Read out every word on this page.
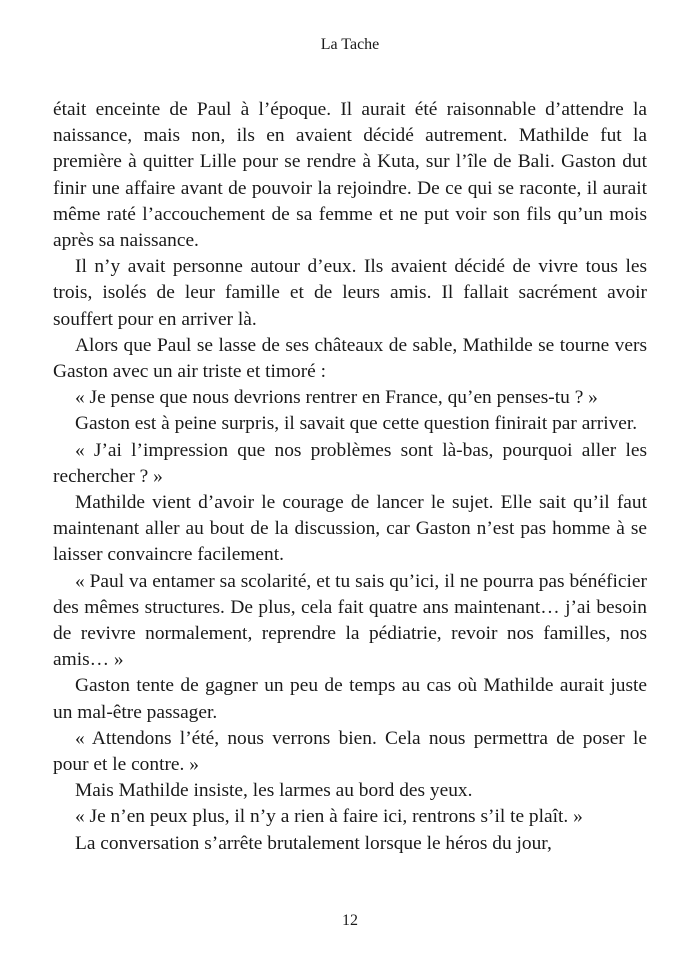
La Tache

était enceinte de Paul à l’époque. Il aurait été raisonnable d’attendre la naissance, mais non, ils en avaient décidé autrement. Mathilde fut la première à quitter Lille pour se rendre à Kuta, sur l’île de Bali. Gaston dut finir une affaire avant de pouvoir la rejoindre. De ce qui se raconte, il aurait même raté l’accouchement de sa femme et ne put voir son fils qu’un mois après sa naissance.

Il n’y avait personne autour d’eux. Ils avaient décidé de vivre tous les trois, isolés de leur famille et de leurs amis. Il fallait sacrément avoir souffert pour en arriver là.

Alors que Paul se lasse de ses châteaux de sable, Mathilde se tourne vers Gaston avec un air triste et timoré :

« Je pense que nous devrions rentrer en France, qu’en penses-tu ? »

Gaston est à peine surpris, il savait que cette question finirait par arriver.

« J’ai l’impression que nos problèmes sont là-bas, pourquoi aller les rechercher ? »

Mathilde vient d’avoir le courage de lancer le sujet. Elle sait qu’il faut maintenant aller au bout de la discussion, car Gaston n’est pas homme à se laisser convaincre facilement.

« Paul va entamer sa scolarité, et tu sais qu’ici, il ne pourra pas bénéficier des mêmes structures. De plus, cela fait quatre ans maintenant… j’ai besoin de revivre normalement, reprendre la pédiatrie, revoir nos familles, nos amis… »

Gaston tente de gagner un peu de temps au cas où Mathilde aurait juste un mal-être passager.

« Attendons l’été, nous verrons bien. Cela nous permettra de poser le pour et le contre. »

Mais Mathilde insiste, les larmes au bord des yeux.

« Je n’en peux plus, il n’y a rien à faire ici, rentrons s’il te plaît. »

La conversation s’arrête brutalement lorsque le héros du jour,

12
